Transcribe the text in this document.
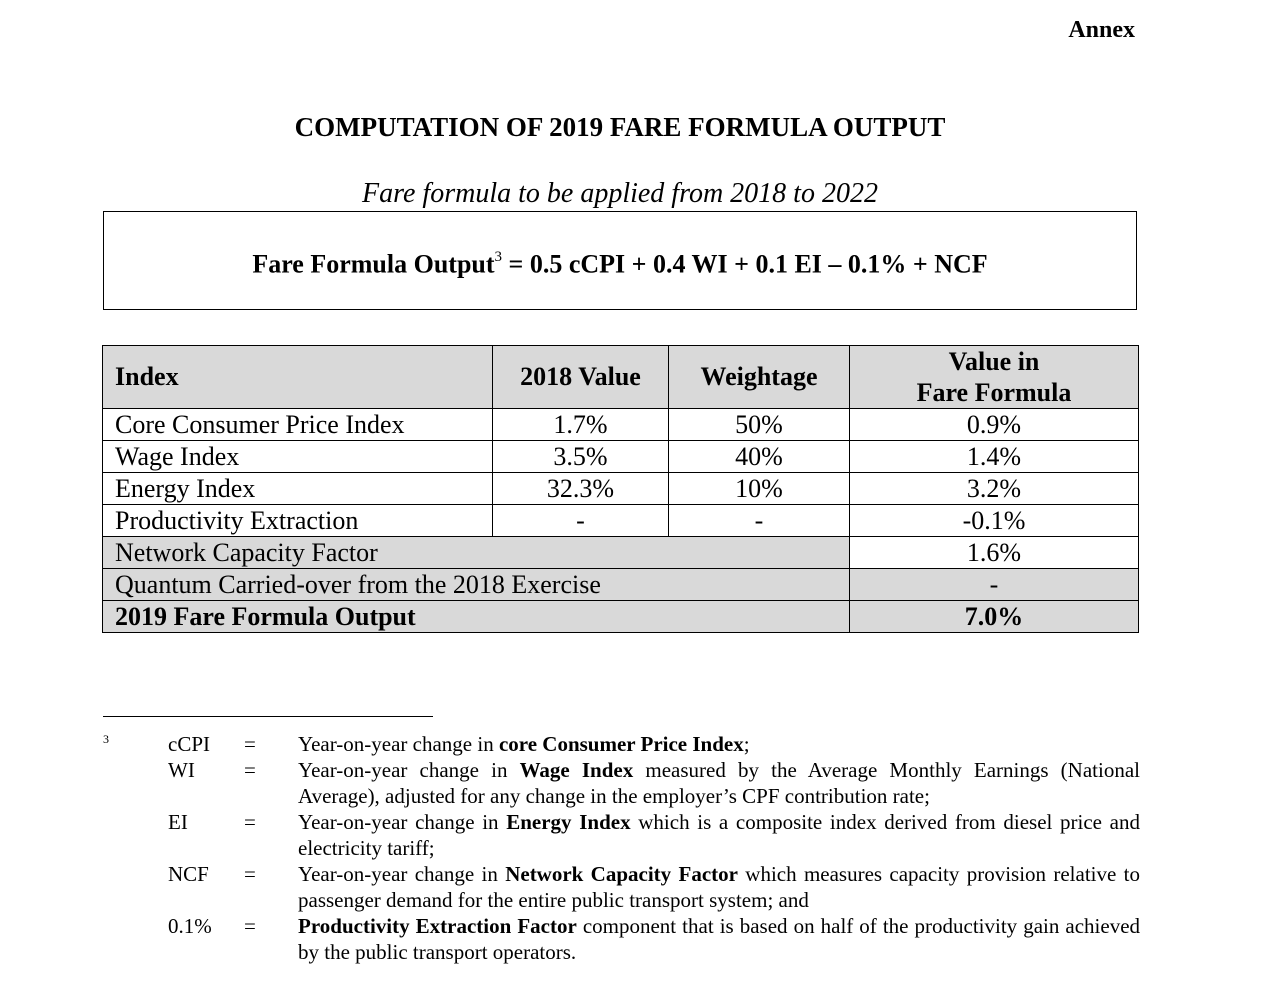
Annex
COMPUTATION OF 2019 FARE FORMULA OUTPUT
Fare formula to be applied from 2018 to 2022
Fare Formula Output$^3$ = 0.5 cCPI + 0.4 WI + 0.1 EI – 0.1% + NCF
Index	2018 Value	Weightage	Value in
Fare Formula

Core Consumer Price Index	1.7%	50%	0.9%
Wage Index	3.5%	40%	1.4%
Energy Index	32.3%	10%	3.2%
Productivity Extraction	-	-	-0.1%
Network Capacity Factor			1.6%
Quantum Carried-over from the 2018 Exercise			-
2019 Fare Formula Output			7.0%
3	cCPI	=	Year-on-year change in core Consumer Price Index;
WI	=	Year-on-year change in Wage Index measured by the Average Monthly Earnings (National Average), adjusted for any change in the employer’s CPF contribution rate;
EI	=	Year-on-year change in Energy Index which is a composite index derived from diesel price and electricity tariff;
NCF	=	Year-on-year change in Network Capacity Factor which measures capacity provision relative to passenger demand for the entire public transport system; and
0.1%	=	Productivity Extraction Factor component that is based on half of the productivity gain achieved by the public transport operators.
